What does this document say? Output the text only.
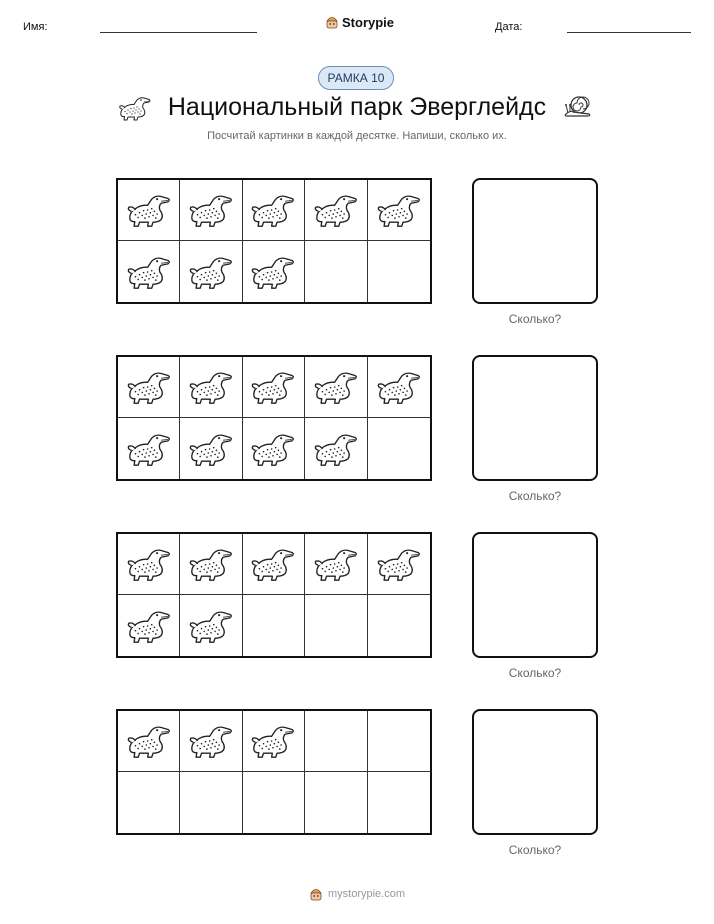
Имя:	Storypie	Дата:
РАМКА 10
Национальный парк Эверглейдс
Посчитай картинки в каждой десятке. Напиши, сколько их.
Сколько?
Сколько?
Сколько?
Сколько?
mystorypie.com
